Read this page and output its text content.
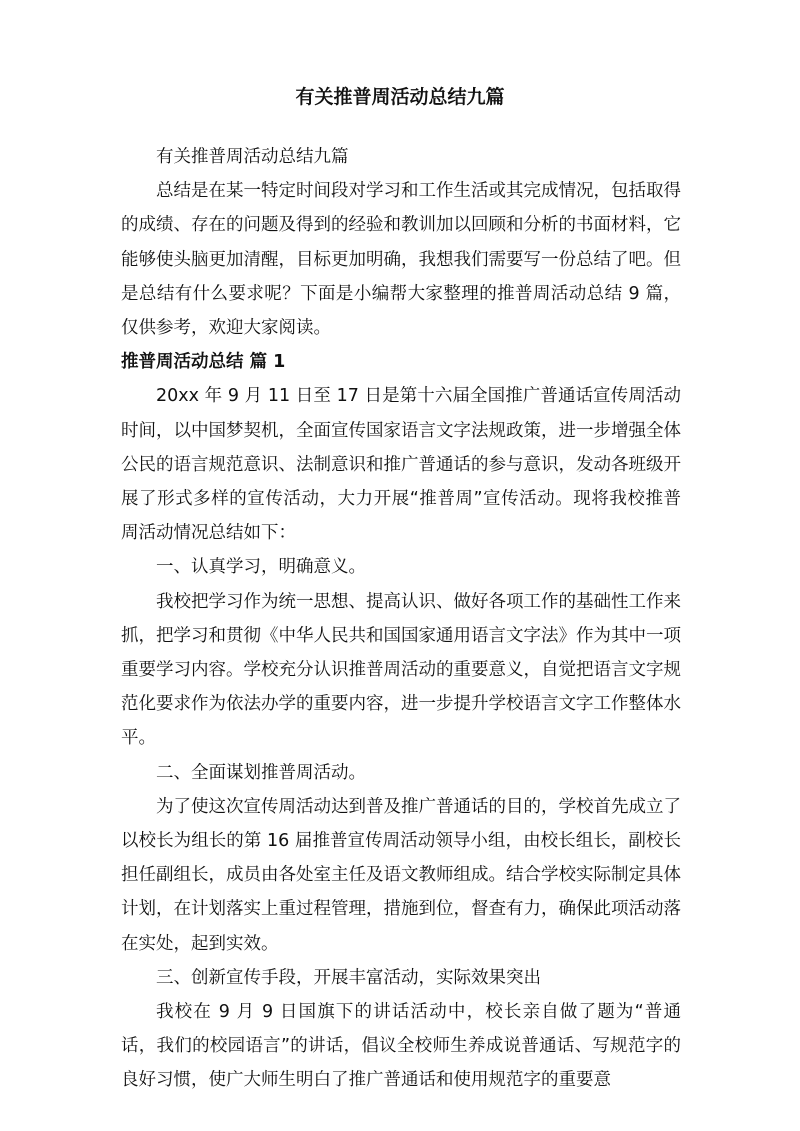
有关推普周活动总结九篇

有关推普周活动总结九篇

总结是在某一特定时间段对学习和工作生活或其完成情况，包括取得的成绩、存在的问题及得到的经验和教训加以回顾和分析的书面材料，它能够使头脑更加清醒，目标更加明确，我想我们需要写一份总结了吧。但是总结有什么要求呢？下面是小编帮大家整理的推普周活动总结 9 篇，仅供参考，欢迎大家阅读。

推普周活动总结 篇 1

20xx 年 9 月 11 日至 17 日是第十六届全国推广普通话宣传周活动时间，以中国梦契机，全面宣传国家语言文字法规政策，进一步增强全体公民的语言规范意识、法制意识和推广普通话的参与意识，发动各班级开展了形式多样的宣传活动，大力开展“推普周”宣传活动。现将我校推普周活动情况总结如下：

一、认真学习，明确意义。

我校把学习作为统一思想、提高认识、做好各项工作的基础性工作来抓，把学习和贯彻《中华人民共和国国家通用语言文字法》作为其中一项重要学习内容。学校充分认识推普周活动的重要意义，自觉把语言文字规范化要求作为依法办学的重要内容，进一步提升学校语言文字工作整体水平。

二、全面谋划推普周活动。

为了使这次宣传周活动达到普及推广普通话的目的，学校首先成立了以校长为组长的第 16 届推普宣传周活动领导小组，由校长组长，副校长担任副组长，成员由各处室主任及语文教师组成。结合学校实际制定具体计划，在计划落实上重过程管理，措施到位，督查有力，确保此项活动落在实处，起到实效。

三、创新宣传手段，开展丰富活动，实际效果突出

我校在 9 月 9 日国旗下的讲话活动中，校长亲自做了题为“普通话，我们的校园语言”的讲话，倡议全校师生养成说普通话、写规范字的良好习惯，使广大师生明白了推广普通话和使用规范字的重要意
